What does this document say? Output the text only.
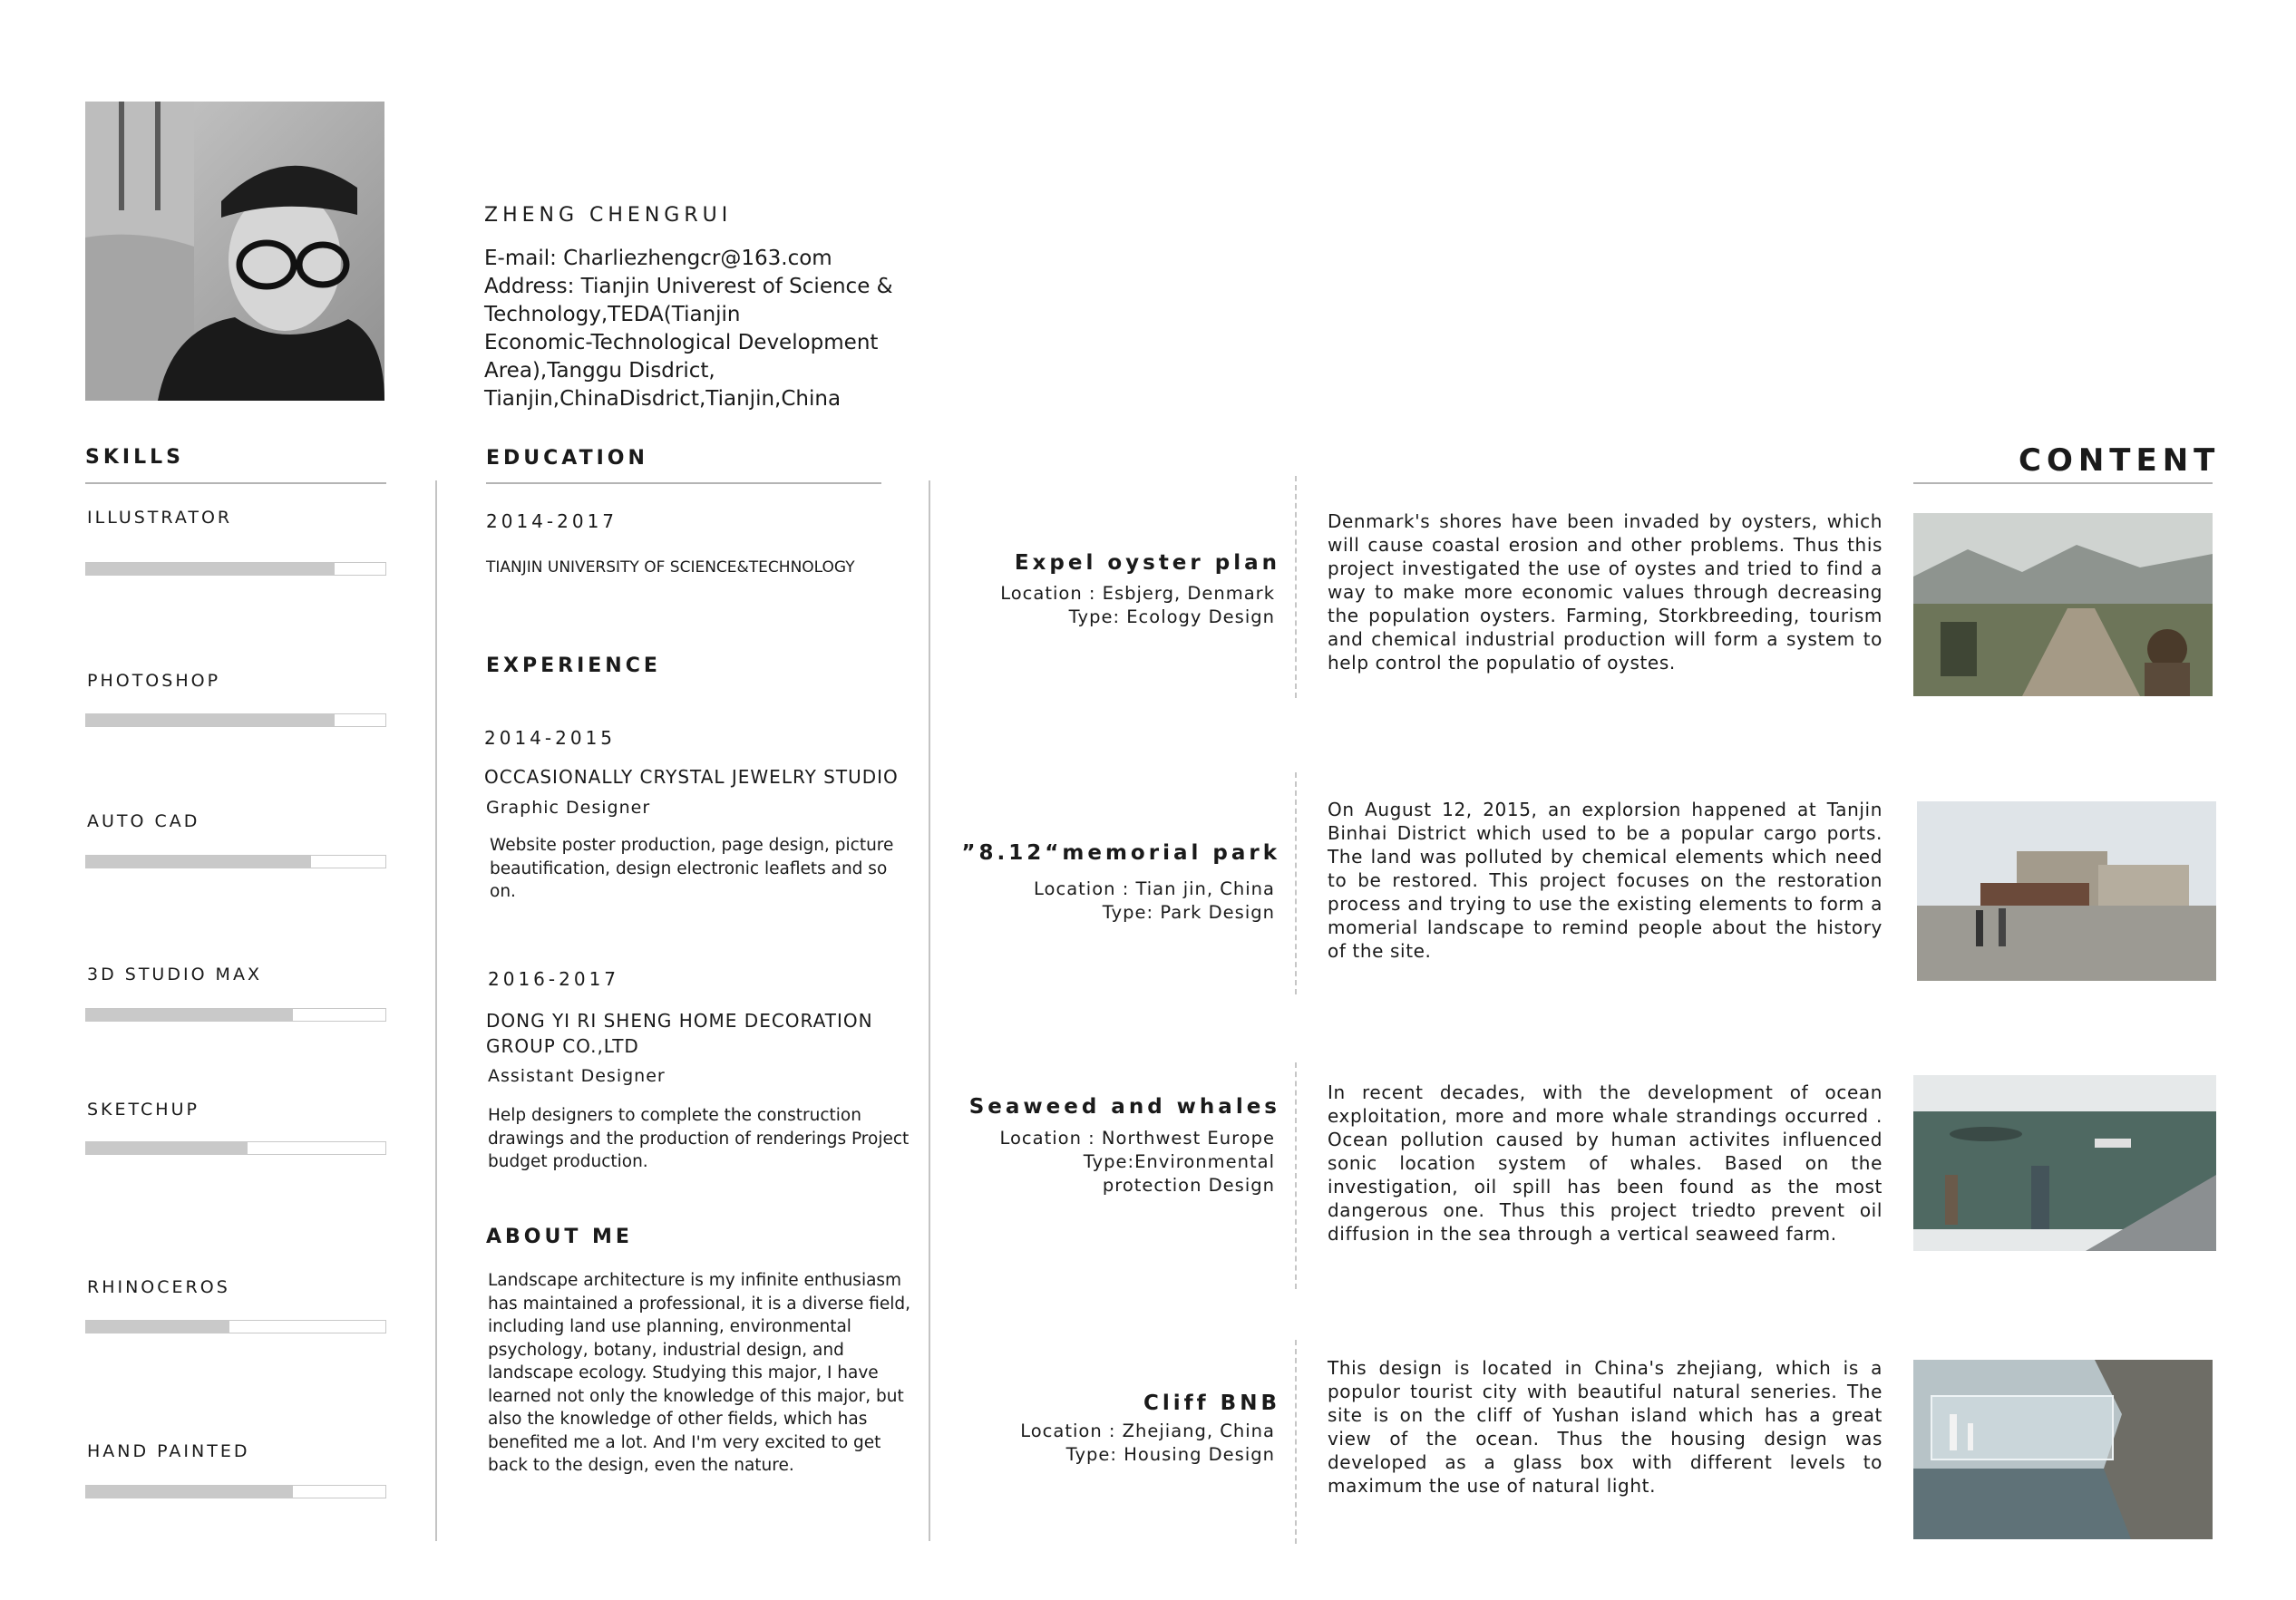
ZHENG CHENGRUI
E-mail: Charliezhengcr@163.com
Address: Tianjin Univerest of Science &
Technology,TEDA(Tianjin
Economic-Technological Development
Area),Tanggu Disdrict,
Tianjin,ChinaDisdrict,Tianjin,China
SKILLS
ILLUSTRATOR
PHOTOSHOP
AUTO CAD
3D STUDIO MAX
SKETCHUP
RHINOCEROS
HAND PAINTED
EDUCATION
2014-2017
TIANJIN UNIVERSITY OF SCIENCE&TECHNOLOGY
EXPERIENCE
2014-2015
OCCASIONALLY CRYSTAL JEWELRY STUDIO
Graphic Designer
Website poster production, page design, picture beautification, design electronic leaflets and so on.
2016-2017
DONG YI RI SHENG HOME DECORATION GROUP CO.,LTD
Assistant Designer
Help designers to complete the construction drawings and the production of renderings Project budget production.
ABOUT ME
Landscape architecture is my infinite enthusiasm has maintained a professional, it is a diverse field, including land use planning, environmental psychology, botany, industrial design, and landscape ecology. Studying this major, I have learned not only the knowledge of this major, but also the knowledge of other fields, which has benefited me a lot. And I'm very excited to get back to the design, even the nature.
CONTENT
Expel oyster plan
Location : Esbjerg, Denmark
Type: Ecology Design
Denmark's shores have been invaded by oysters, which will cause coastal erosion and other problems. Thus this project investigated the use of oystes and tried to find a way to make more economic values through decreasing the population oysters. Farming, Storkbreeding, tourism and chemical industrial production will form a system to help control the populatio of oystes.
”8.12“memorial park
Location : Tian jin, China
Type: Park Design
On August 12, 2015, an explorsion happened at Tanjin Binhai District which used to be a popular cargo ports. The land was polluted by chemical elements which need to be restored. This project focuses on the restoration process and trying to use the existing elements to form a momerial landscape to remind people about the history of the site.
Seaweed and whales
Location : Northwest Europe
Type:Environmental
protection Design
In recent decades, with the development of ocean exploitation, more and more whale strandings occurred . Ocean pollution caused by human activites influenced sonic location system of whales. Based on the investigation, oil spill has been found as the most dangerous one. Thus this project triedto prevent oil diffusion in the sea through a vertical seaweed farm.
Cliff BNB
Location : Zhejiang, China
Type: Housing Design
This design is located in China's zhejiang, which is a populor tourist city with beautiful natural seneries. The site is on the cliff of Yushan island which has a great view of the ocean. Thus the housing design was developed as a glass box with different levels to maximum the use of natural light.
